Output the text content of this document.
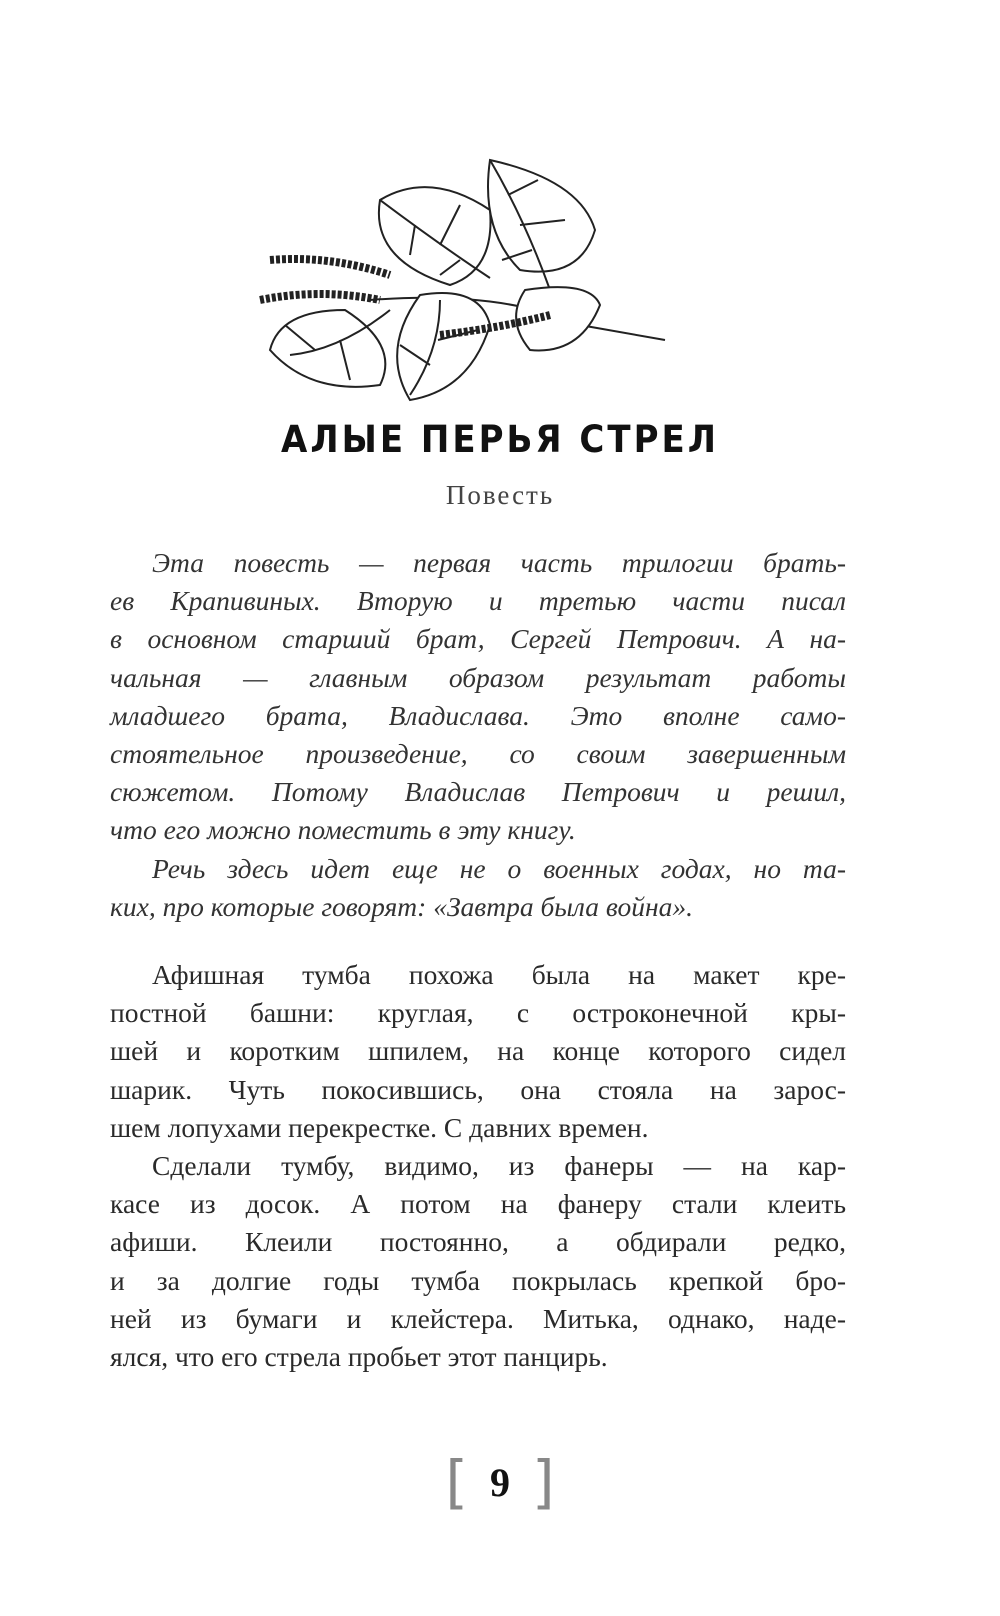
АЛЫЕ ПЕРЬЯ СТРЕЛ
Повесть
Эта повесть — первая часть трилогии брать-
ев Крапивиных. Вторую и третью части писал
в основном старший брат, Сергей Петрович. А на-
чальная — главным образом результат работы
младшего брата, Владислава. Это вполне само-
стоятельное произведение, со своим завершенным
сюжетом. Потому Владислав Петрович и решил,
что его можно поместить в эту книгу.
Речь здесь идет еще не о военных годах, но та-
ких, про которые говорят: «Завтра была война».
Афишная тумба похожа была на макет кре-
постной башни: круглая, с остроконечной кры-
шей и коротким шпилем, на конце которого сидел
шарик. Чуть покосившись, она стояла на зарос-
шем лопухами перекрестке. С давних времен.
Сделали тумбу, видимо, из фанеры — на кар-
касе из досок. А потом на фанеру стали клеить
афиши. Клеили постоянно, а обдирали редко,
и за долгие годы тумба покрылась крепкой бро-
ней из бумаги и клейстера. Митька, однако, наде-
ялся, что его стрела пробьет этот панцирь.
[ 9 ]
